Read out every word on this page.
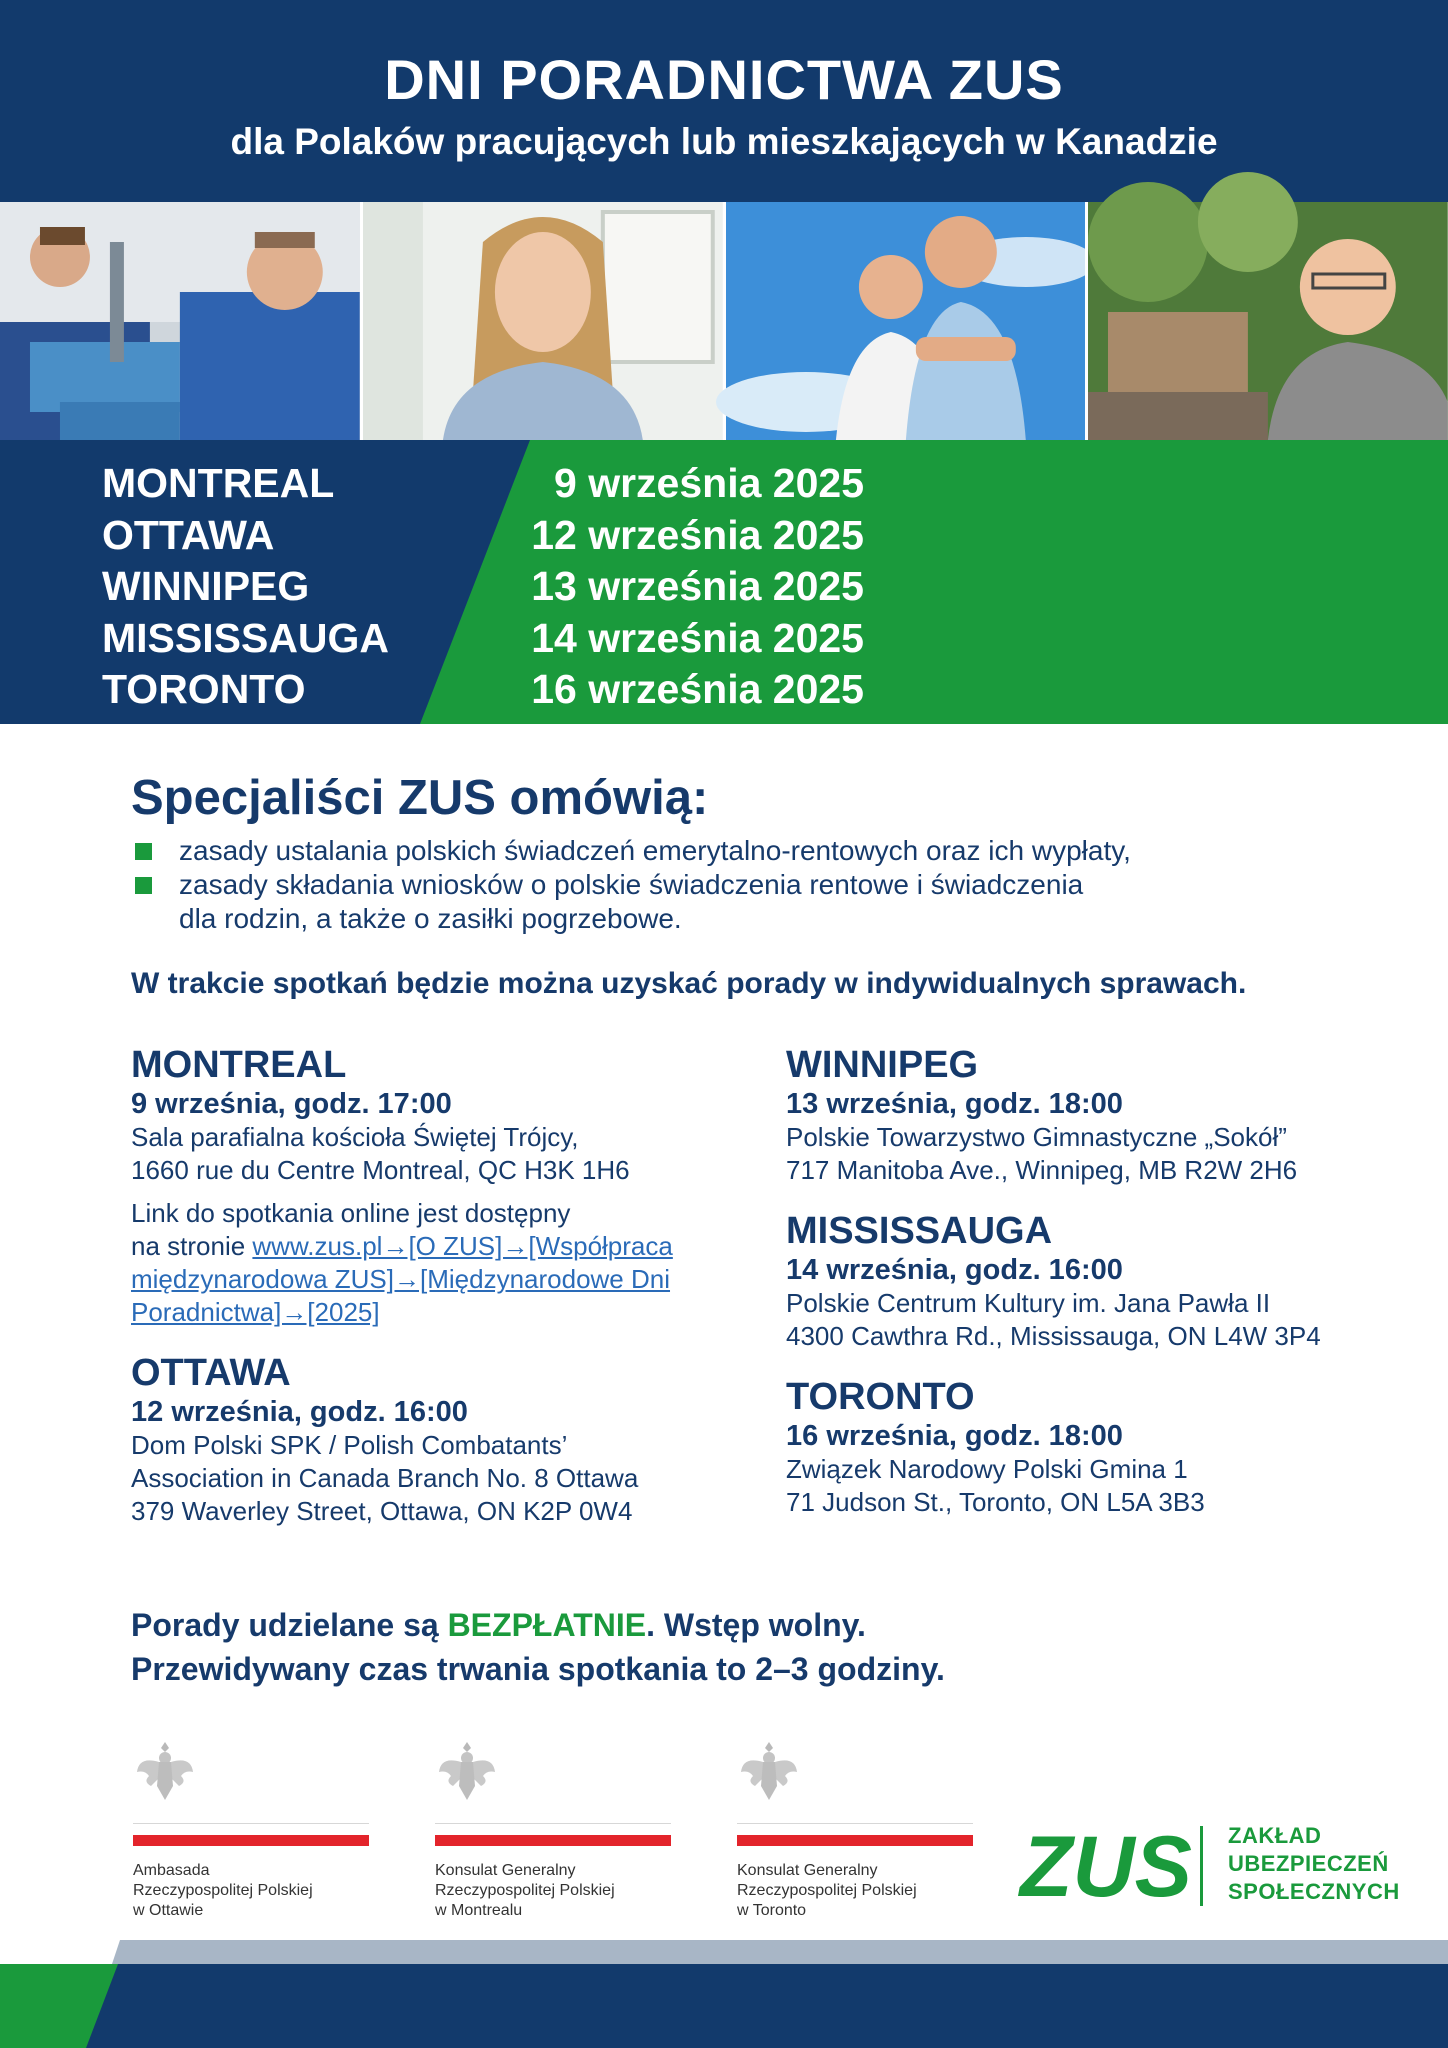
DNI PORADNICTWA ZUS
dla Polaków pracujących lub mieszkających w Kanadzie
MONTREAL
OTTAWA
WINNIPEG
MISSISSAUGA
TORONTO
9 września 2025
12 września 2025
13 września 2025
14 września 2025
16 września 2025
Specjaliści ZUS omówią:
zasady ustalania polskich świadczeń emerytalno-rentowych oraz ich wypłaty,
zasady składania wniosków o polskie świadczenia rentowe i świadczenia
dla rodzin, a także o zasiłki pogrzebowe.

W trakcie spotkań będzie można uzyskać porady w indywidualnych sprawach.

MONTREAL
9 września, godz. 17:00
Sala parafialna kościoła Świętej Trójcy,
1660 rue du Centre Montreal, QC H3K 1H6
Link do spotkania online jest dostępny
na stronie www.zus.pl→[O ZUS]→[Współpraca
międzynarodowa ZUS]→[Międzynarodowe Dni
Poradnictwa]→[2025]
OTTAWA
12 września, godz. 16:00
Dom Polski SPK / Polish Combatants’
Association in Canada Branch No. 8 Ottawa
379 Waverley Street, Ottawa, ON K2P 0W4
WINNIPEG
13 września, godz. 18:00
Polskie Towarzystwo Gimnastyczne „Sokół”
717 Manitoba Ave., Winnipeg, MB R2W 2H6
MISSISSAUGA
14 września, godz. 16:00
Polskie Centrum Kultury im. Jana Pawła II
4300 Cawthra Rd., Mississauga, ON L4W 3P4
TORONTO
16 września, godz. 18:00
Związek Narodowy Polski Gmina 1
71 Judson St., Toronto, ON L5A 3B3
Porady udzielane są BEZPŁATNIE. Wstęp wolny.
Przewidywany czas trwania spotkania to 2–3 godziny.
Ambasada
Rzeczypospolitej Polskiej
w Ottawie
Konsulat Generalny
Rzeczypospolitej Polskiej
w Montrealu
Konsulat Generalny
Rzeczypospolitej Polskiej
w Toronto	ZUS ZAKŁAD
UBEZPIECZEŃ
SPOŁECZNYCH
